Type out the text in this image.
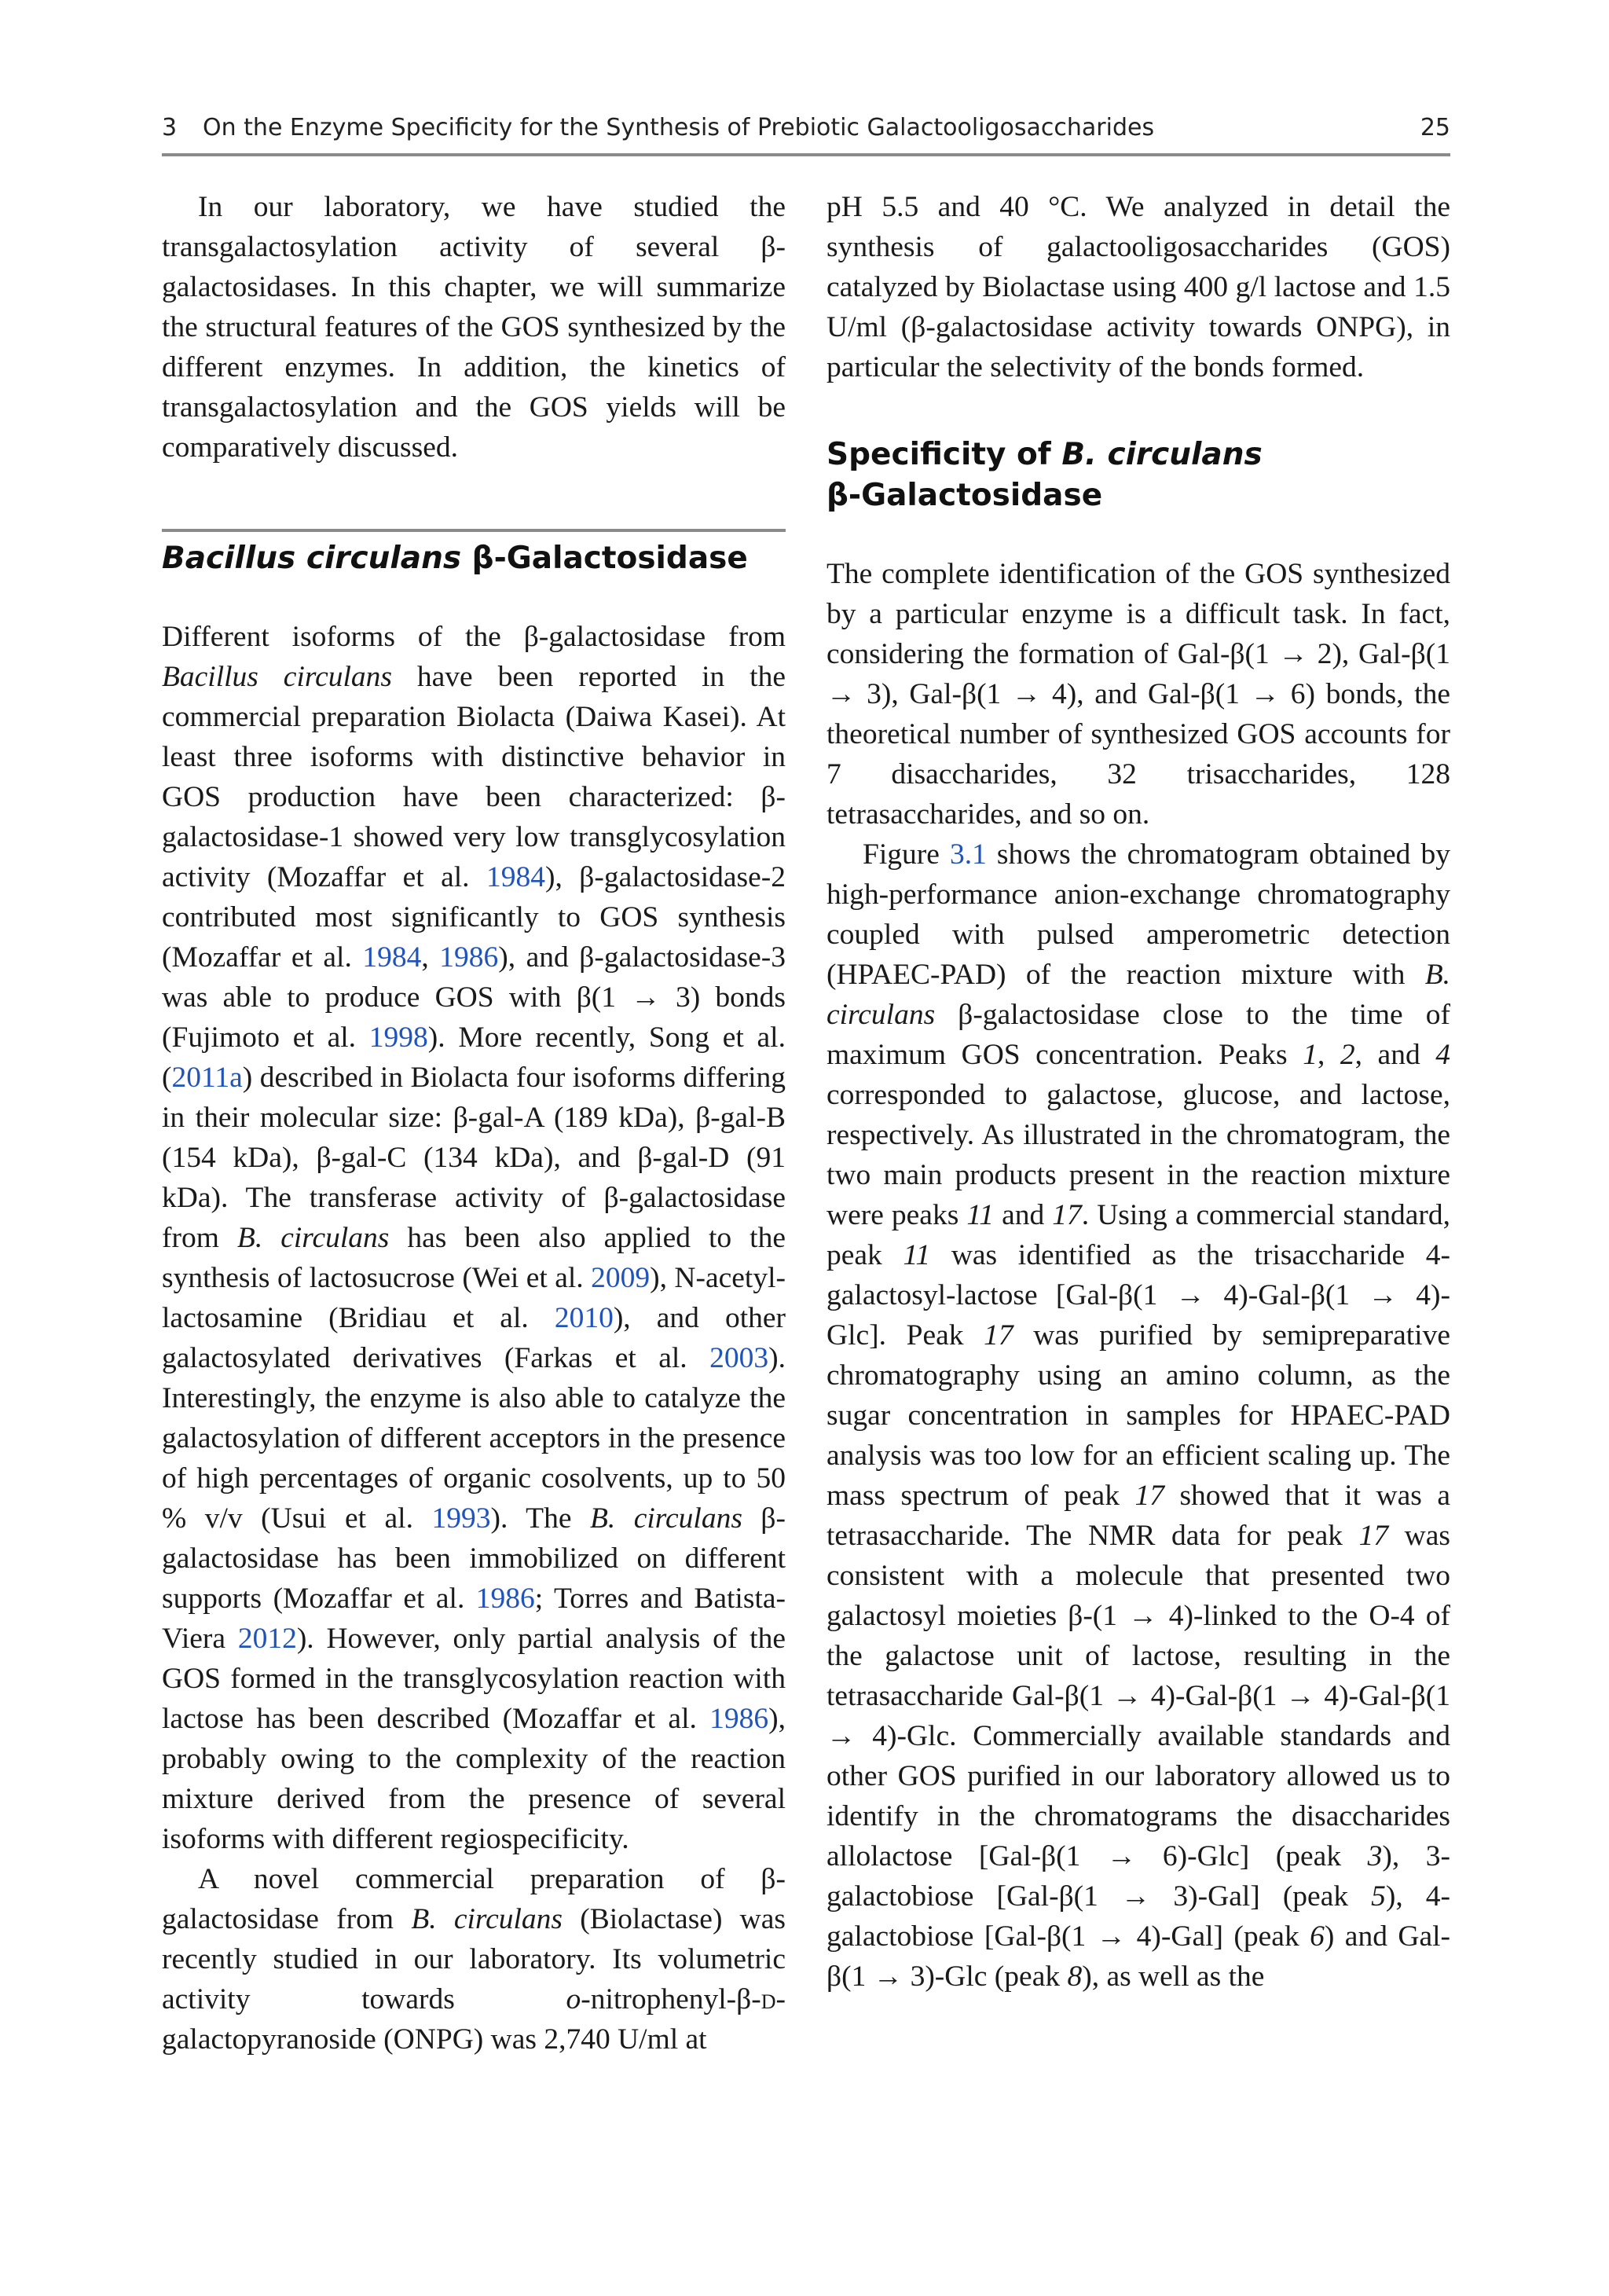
3 On the Enzyme Specificity for the Synthesis of Prebiotic Galactooligosaccharides	25

In our laboratory, we have studied the transgalactosylation activity of several β-galactosidases. In this chapter, we will summarize the structural features of the GOS synthesized by the different enzymes. In addition, the kinetics of transgalactosylation and the GOS yields will be comparatively discussed.

Bacillus circulans β-Galactosidase

Different isoforms of the β-galactosidase from Bacillus circulans have been reported in the commercial preparation Biolacta (Daiwa Kasei). At least three isoforms with distinctive behavior in GOS production have been characterized: β-galactosidase-1 showed very low transglycosylation activity (Mozaffar et al. 1984), β-galactosidase-2 contributed most significantly to GOS synthesis (Mozaffar et al. 1984, 1986), and β-galactosidase-3 was able to produce GOS with β(1 → 3) bonds (Fujimoto et al. 1998). More recently, Song et al. (2011a) described in Biolacta four isoforms differing in their molecular size: β-gal-A (189 kDa), β-gal-B (154 kDa), β-gal-C (134 kDa), and β-gal-D (91 kDa). The transferase activity of β-galactosidase from B. circulans has been also applied to the synthesis of lactosucrose (Wei et al. 2009), N-acetyl-lactosamine (Bridiau et al. 2010), and other galactosylated derivatives (Farkas et al. 2003). Interestingly, the enzyme is also able to catalyze the galactosylation of different acceptors in the presence of high percentages of organic cosolvents, up to 50 % v/v (Usui et al. 1993). The B. circulans β-galactosidase has been immobilized on different supports (Mozaffar et al. 1986; Torres and Batista-Viera 2012). However, only partial analysis of the GOS formed in the transglycosylation reaction with lactose has been described (Mozaffar et al. 1986), probably owing to the complexity of the reaction mixture derived from the presence of several isoforms with different regiospecificity.

A novel commercial preparation of β-galactosidase from B. circulans (Biolactase) was recently studied in our laboratory. Its volumetric activity towards o-nitrophenyl-β-d-galactopyranoside (ONPG) was 2,740 U/ml at

pH 5.5 and 40 °C. We analyzed in detail the synthesis of galactooligosaccharides (GOS) catalyzed by Biolactase using 400 g/l lactose and 1.5 U/ml (β-galactosidase activity towards ONPG), in particular the selectivity of the bonds formed.

Specificity of B. circulans
β-Galactosidase

The complete identification of the GOS synthesized by a particular enzyme is a difficult task. In fact, considering the formation of Gal-β(1 → 2), Gal-β(1 → 3), Gal-β(1 → 4), and Gal-β(1 → 6) bonds, the theoretical number of synthesized GOS accounts for 7 disaccharides, 32 trisaccharides, 128 tetrasaccharides, and so on.

Figure 3.1 shows the chromatogram obtained by high-performance anion-exchange chromatography coupled with pulsed amperometric detection (HPAEC-PAD) of the reaction mixture with B. circulans β-galactosidase close to the time of maximum GOS concentration. Peaks 1, 2, and 4 corresponded to galactose, glucose, and lactose, respectively. As illustrated in the chromatogram, the two main products present in the reaction mixture were peaks 11 and 17. Using a commercial standard, peak 11 was identified as the trisaccharide 4-galactosyl-lactose [Gal-β(1 → 4)-Gal-β(1 → 4)-Glc]. Peak 17 was purified by semipreparative chromatography using an amino column, as the sugar concentration in samples for HPAEC-PAD analysis was too low for an efficient scaling up. The mass spectrum of peak 17 showed that it was a tetrasaccharide. The NMR data for peak 17 was consistent with a molecule that presented two galactosyl moieties β-(1 → 4)-linked to the O-4 of the galactose unit of lactose, resulting in the tetrasaccharide Gal-β(1 → 4)-Gal-β(1 → 4)-Gal-β(1 → 4)-Glc. Commercially available standards and other GOS purified in our laboratory allowed us to identify in the chromatograms the disaccharides allolactose [Gal-β(1 → 6)-Glc] (peak 3), 3-galactobiose [Gal-β(1 → 3)-Gal] (peak 5), 4-galactobiose [Gal-β(1 → 4)-Gal] (peak 6) and Gal-β(1 → 3)-Glc (peak 8), as well as the
